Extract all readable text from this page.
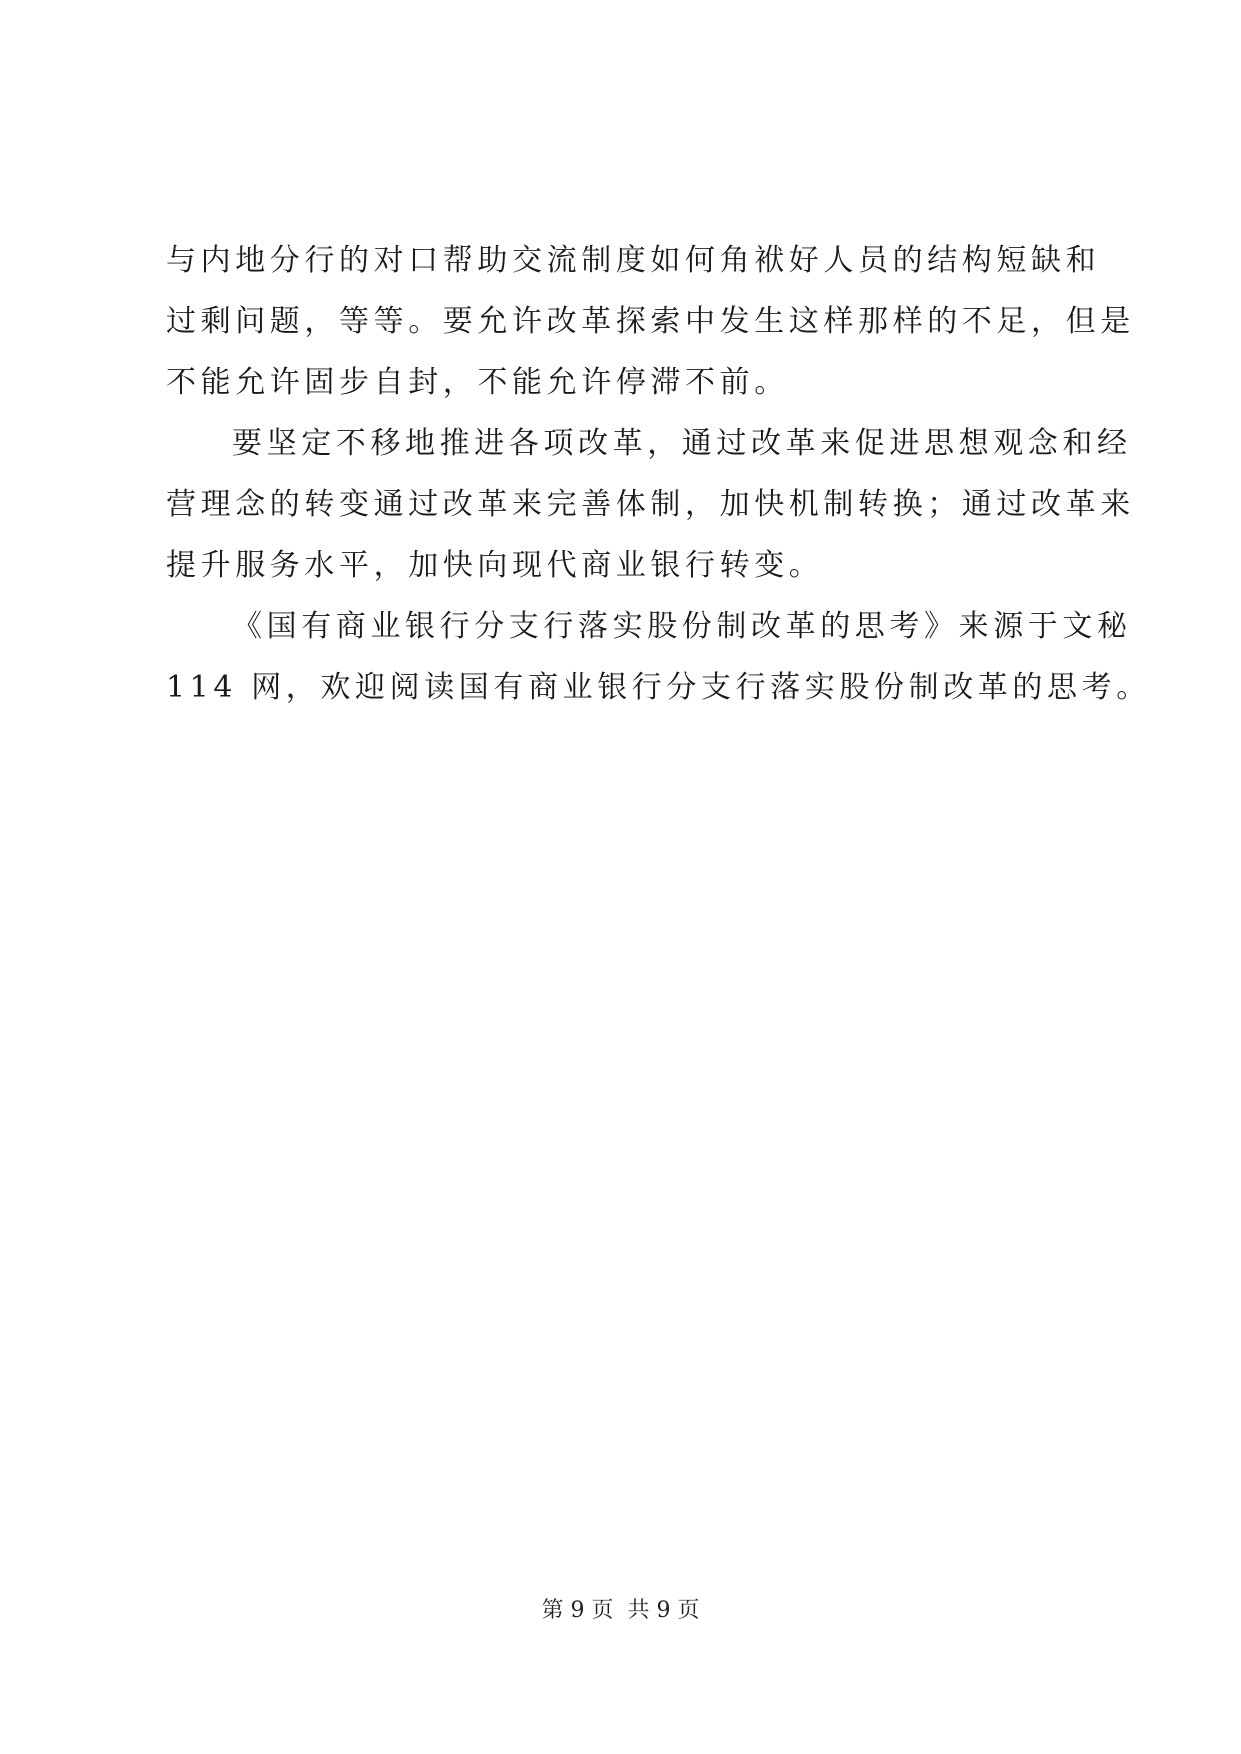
与内地分行的对口帮助交流制度如何角袱好人员的结构短缺和
过剩问题，等等。要允许改革探索中发生这样那样的不足，但是
不能允许固步自封，不能允许停滞不前。
要坚定不移地推进各项改革，通过改革来促进思想观念和经
营理念的转变通过改革来完善体制，加快机制转换；通过改革来
提升服务水平，加快向现代商业银行转变。
《国有商业银行分支行落实股份制改革的思考》来源于文秘
114 网，欢迎阅读国有商业银行分支行落实股份制改革的思考。
第 9 页 共 9 页
